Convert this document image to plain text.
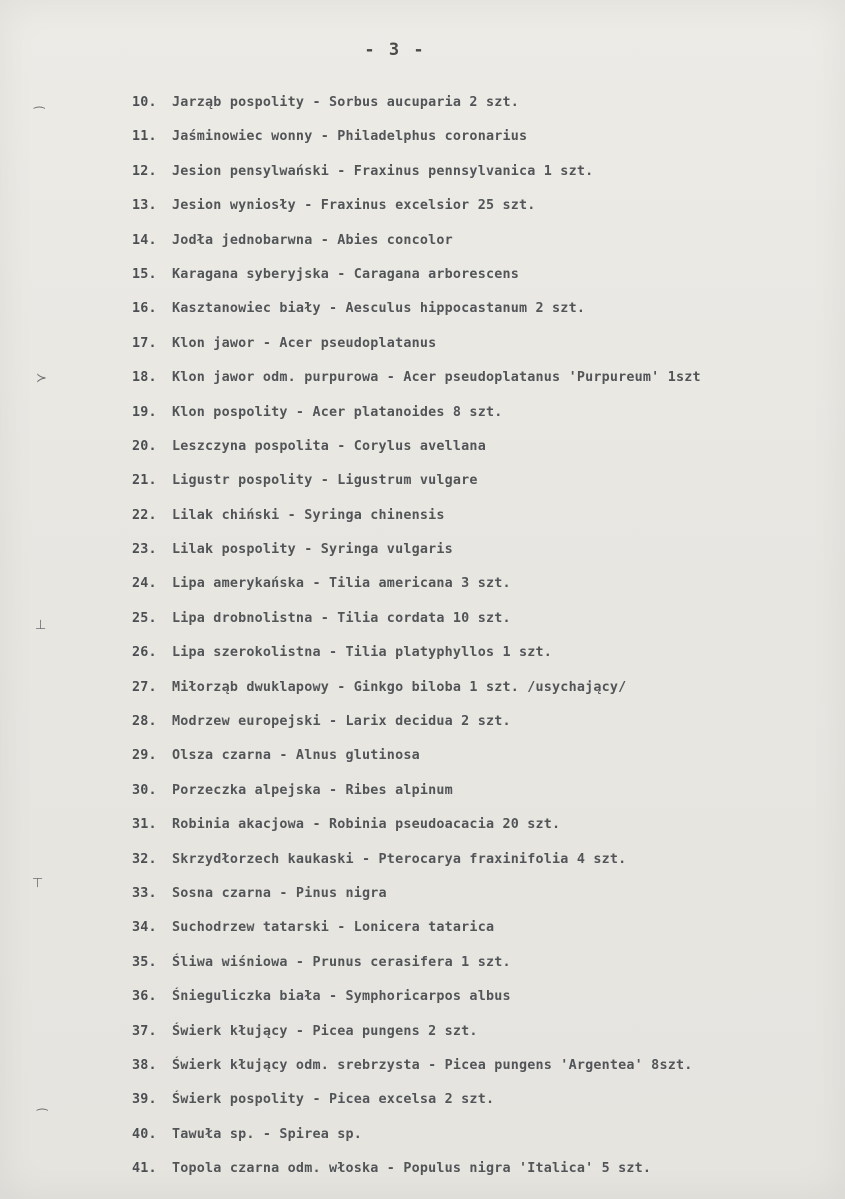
- 3 -
⁀
≻
⊥
⊤
⁀
10. Jarząb pospolity - Sorbus aucuparia 2 szt.
11. Jaśminowiec wonny - Philadelphus coronarius
12. Jesion pensylwański - Fraxinus pennsylvanica 1 szt.
13. Jesion wyniosły - Fraxinus excelsior 25 szt.
14. Jodła jednobarwna - Abies concolor
15. Karagana syberyjska - Caragana arborescens
16. Kasztanowiec biały - Aesculus hippocastanum 2 szt.
17. Klon jawor - Acer pseudoplatanus
18. Klon jawor odm. purpurowa - Acer pseudoplatanus 'Purpureum' 1szt
19. Klon pospolity - Acer platanoides 8 szt.
20. Leszczyna pospolita - Corylus avellana
21. Ligustr pospolity - Ligustrum vulgare
22. Lilak chiński - Syringa chinensis
23. Lilak pospolity - Syringa vulgaris
24. Lipa amerykańska - Tilia americana 3 szt.
25. Lipa drobnolistna - Tilia cordata 10 szt.
26. Lipa szerokolistna - Tilia platyphyllos 1 szt.
27. Miłorząb dwuklapowy - Ginkgo biloba 1 szt. /usychający/
28. Modrzew europejski - Larix decidua 2 szt.
29. Olsza czarna - Alnus glutinosa
30. Porzeczka alpejska - Ribes alpinum
31. Robinia akacjowa - Robinia pseudoacacia 20 szt.
32. Skrzydłorzech kaukaski - Pterocarya fraxinifolia 4 szt.
33. Sosna czarna - Pinus nigra
34. Suchodrzew tatarski - Lonicera tatarica
35. Śliwa wiśniowa - Prunus cerasifera 1 szt.
36. Śnieguliczka biała - Symphoricarpos albus
37. Świerk kłujący - Picea pungens 2 szt.
38. Świerk kłujący odm. srebrzysta - Picea pungens 'Argentea' 8szt.
39. Świerk pospolity - Picea excelsa 2 szt.
40. Tawuła sp. - Spirea sp.
41. Topola czarna odm. włoska - Populus nigra 'Italica' 5 szt.
